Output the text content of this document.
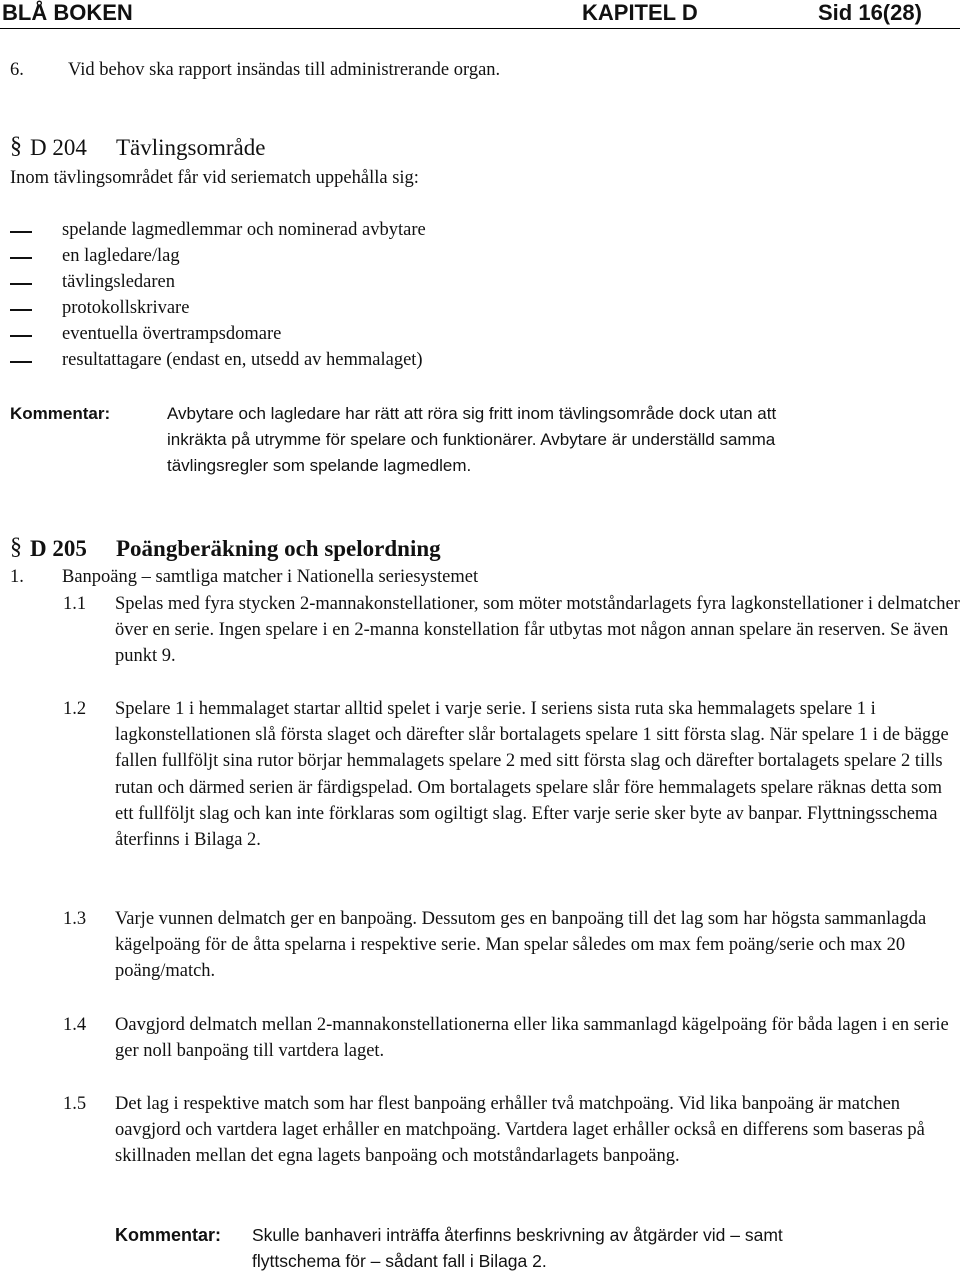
BLÅ BOKEN	KAPITEL D	Sid 16(28)
6. Vid behov ska rapport insändas till administrerande organ.
§ D 204 Tävlingsområde
Inom tävlingsområdet får vid seriematch uppehålla sig:
spelande lagmedlemmar och nominerad avbytare
en lagledare/lag
tävlingsledaren
protokollskrivare
eventuella övertrampsdomare
resultattagare (endast en, utsedd av hemmalaget)
Kommentar:	Avbytare och lagledare har rätt att röra sig fritt inom tävlingsområde dock utan att
inkräkta på utrymme för spelare och funktionärer. Avbytare är underställd samma
tävlingsregler som spelande lagmedlem.
§ D 205 Poängberäkning och spelordning
1. Banpoäng – samtliga matcher i Nationella seriesystemet
1.1 Spelas med fyra stycken 2-mannakonstellationer, som möter motståndarlagets fyra lagkonstellationer i delmatcher över en serie. Ingen spelare i en 2-manna konstellation får utbytas mot någon annan spelare än reserven. Se även punkt 9.
1.2 Spelare 1 i hemmalaget startar alltid spelet i varje serie. I seriens sista ruta ska hemmalagets spelare 1 i lagkonstellationen slå första slaget och därefter slår bortalagets spelare 1 sitt första slag. När spelare 1 i de bägge fallen fullföljt sina rutor börjar hemmalagets spelare 2 med sitt första slag och därefter bortalagets spelare 2 tills rutan och därmed serien är färdigspelad. Om bortalagets spelare slår före hemmalagets spelare räknas detta som ett fullföljt slag och kan inte förklaras som ogiltigt slag. Efter varje serie sker byte av banpar. Flyttningsschema återfinns i Bilaga 2.
1.3 Varje vunnen delmatch ger en banpoäng. Dessutom ges en banpoäng till det lag som har högsta sammanlagda kägelpoäng för de åtta spelarna i respektive serie. Man spelar således om max fem poäng/serie och max 20 poäng/match.
1.4 Oavgjord delmatch mellan 2-mannakonstellationerna eller lika sammanlagd kägelpoäng för båda lagen i en serie ger noll banpoäng till vartdera laget.
1.5 Det lag i respektive match som har flest banpoäng erhåller två matchpoäng. Vid lika banpoäng är matchen oavgjord och vartdera laget erhåller en matchpoäng. Vartdera laget erhåller också en differens som baseras på skillnaden mellan det egna lagets banpoäng och motståndarlagets banpoäng.
Kommentar: Skulle banhaveri inträffa återfinns beskrivning av åtgärder vid – samt
flyttschema för – sådant fall i Bilaga 2.
